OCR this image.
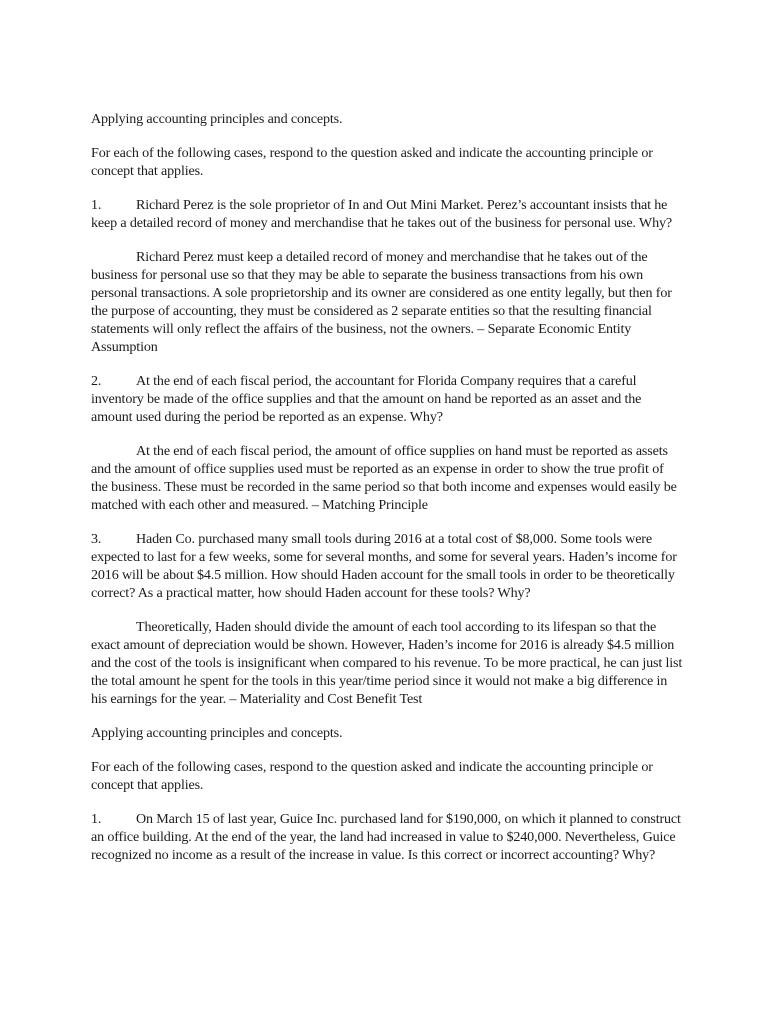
Applying accounting principles and concepts.

For each of the following cases, respond to the question asked and indicate the accounting principle or concept that applies.

1. Richard Perez is the sole proprietor of In and Out Mini Market. Perez’s accountant insists that he keep a detailed record of money and merchandise that he takes out of the business for personal use. Why?

Richard Perez must keep a detailed record of money and merchandise that he takes out of the business for personal use so that they may be able to separate the business transactions from his own personal transactions. A sole proprietorship and its owner are considered as one entity legally, but then for the purpose of accounting, they must be considered as 2 separate entities so that the resulting financial statements will only reflect the affairs of the business, not the owners. – Separate Economic Entity Assumption

2. At the end of each fiscal period, the accountant for Florida Company requires that a careful inventory be made of the office supplies and that the amount on hand be reported as an asset and the amount used during the period be reported as an expense. Why?

At the end of each fiscal period, the amount of office supplies on hand must be reported as assets and the amount of office supplies used must be reported as an expense in order to show the true profit of the business. These must be recorded in the same period so that both income and expenses would easily be matched with each other and measured. – Matching Principle

3. Haden Co. purchased many small tools during 2016 at a total cost of $8,000. Some tools were expected to last for a few weeks, some for several months, and some for several years. Haden’s income for 2016 will be about $4.5 million. How should Haden account for the small tools in order to be theoretically correct? As a practical matter, how should Haden account for these tools? Why?

Theoretically, Haden should divide the amount of each tool according to its lifespan so that the exact amount of depreciation would be shown. However, Haden’s income for 2016 is already $4.5 million and the cost of the tools is insignificant when compared to his revenue. To be more practical, he can just list the total amount he spent for the tools in this year/time period since it would not make a big difference in his earnings for the year. – Materiality and Cost Benefit Test

Applying accounting principles and concepts.

For each of the following cases, respond to the question asked and indicate the accounting principle or concept that applies.

1. On March 15 of last year, Guice Inc. purchased land for $190,000, on which it planned to construct an office building. At the end of the year, the land had increased in value to $240,000. Nevertheless, Guice recognized no income as a result of the increase in value. Is this correct or incorrect accounting? Why?
